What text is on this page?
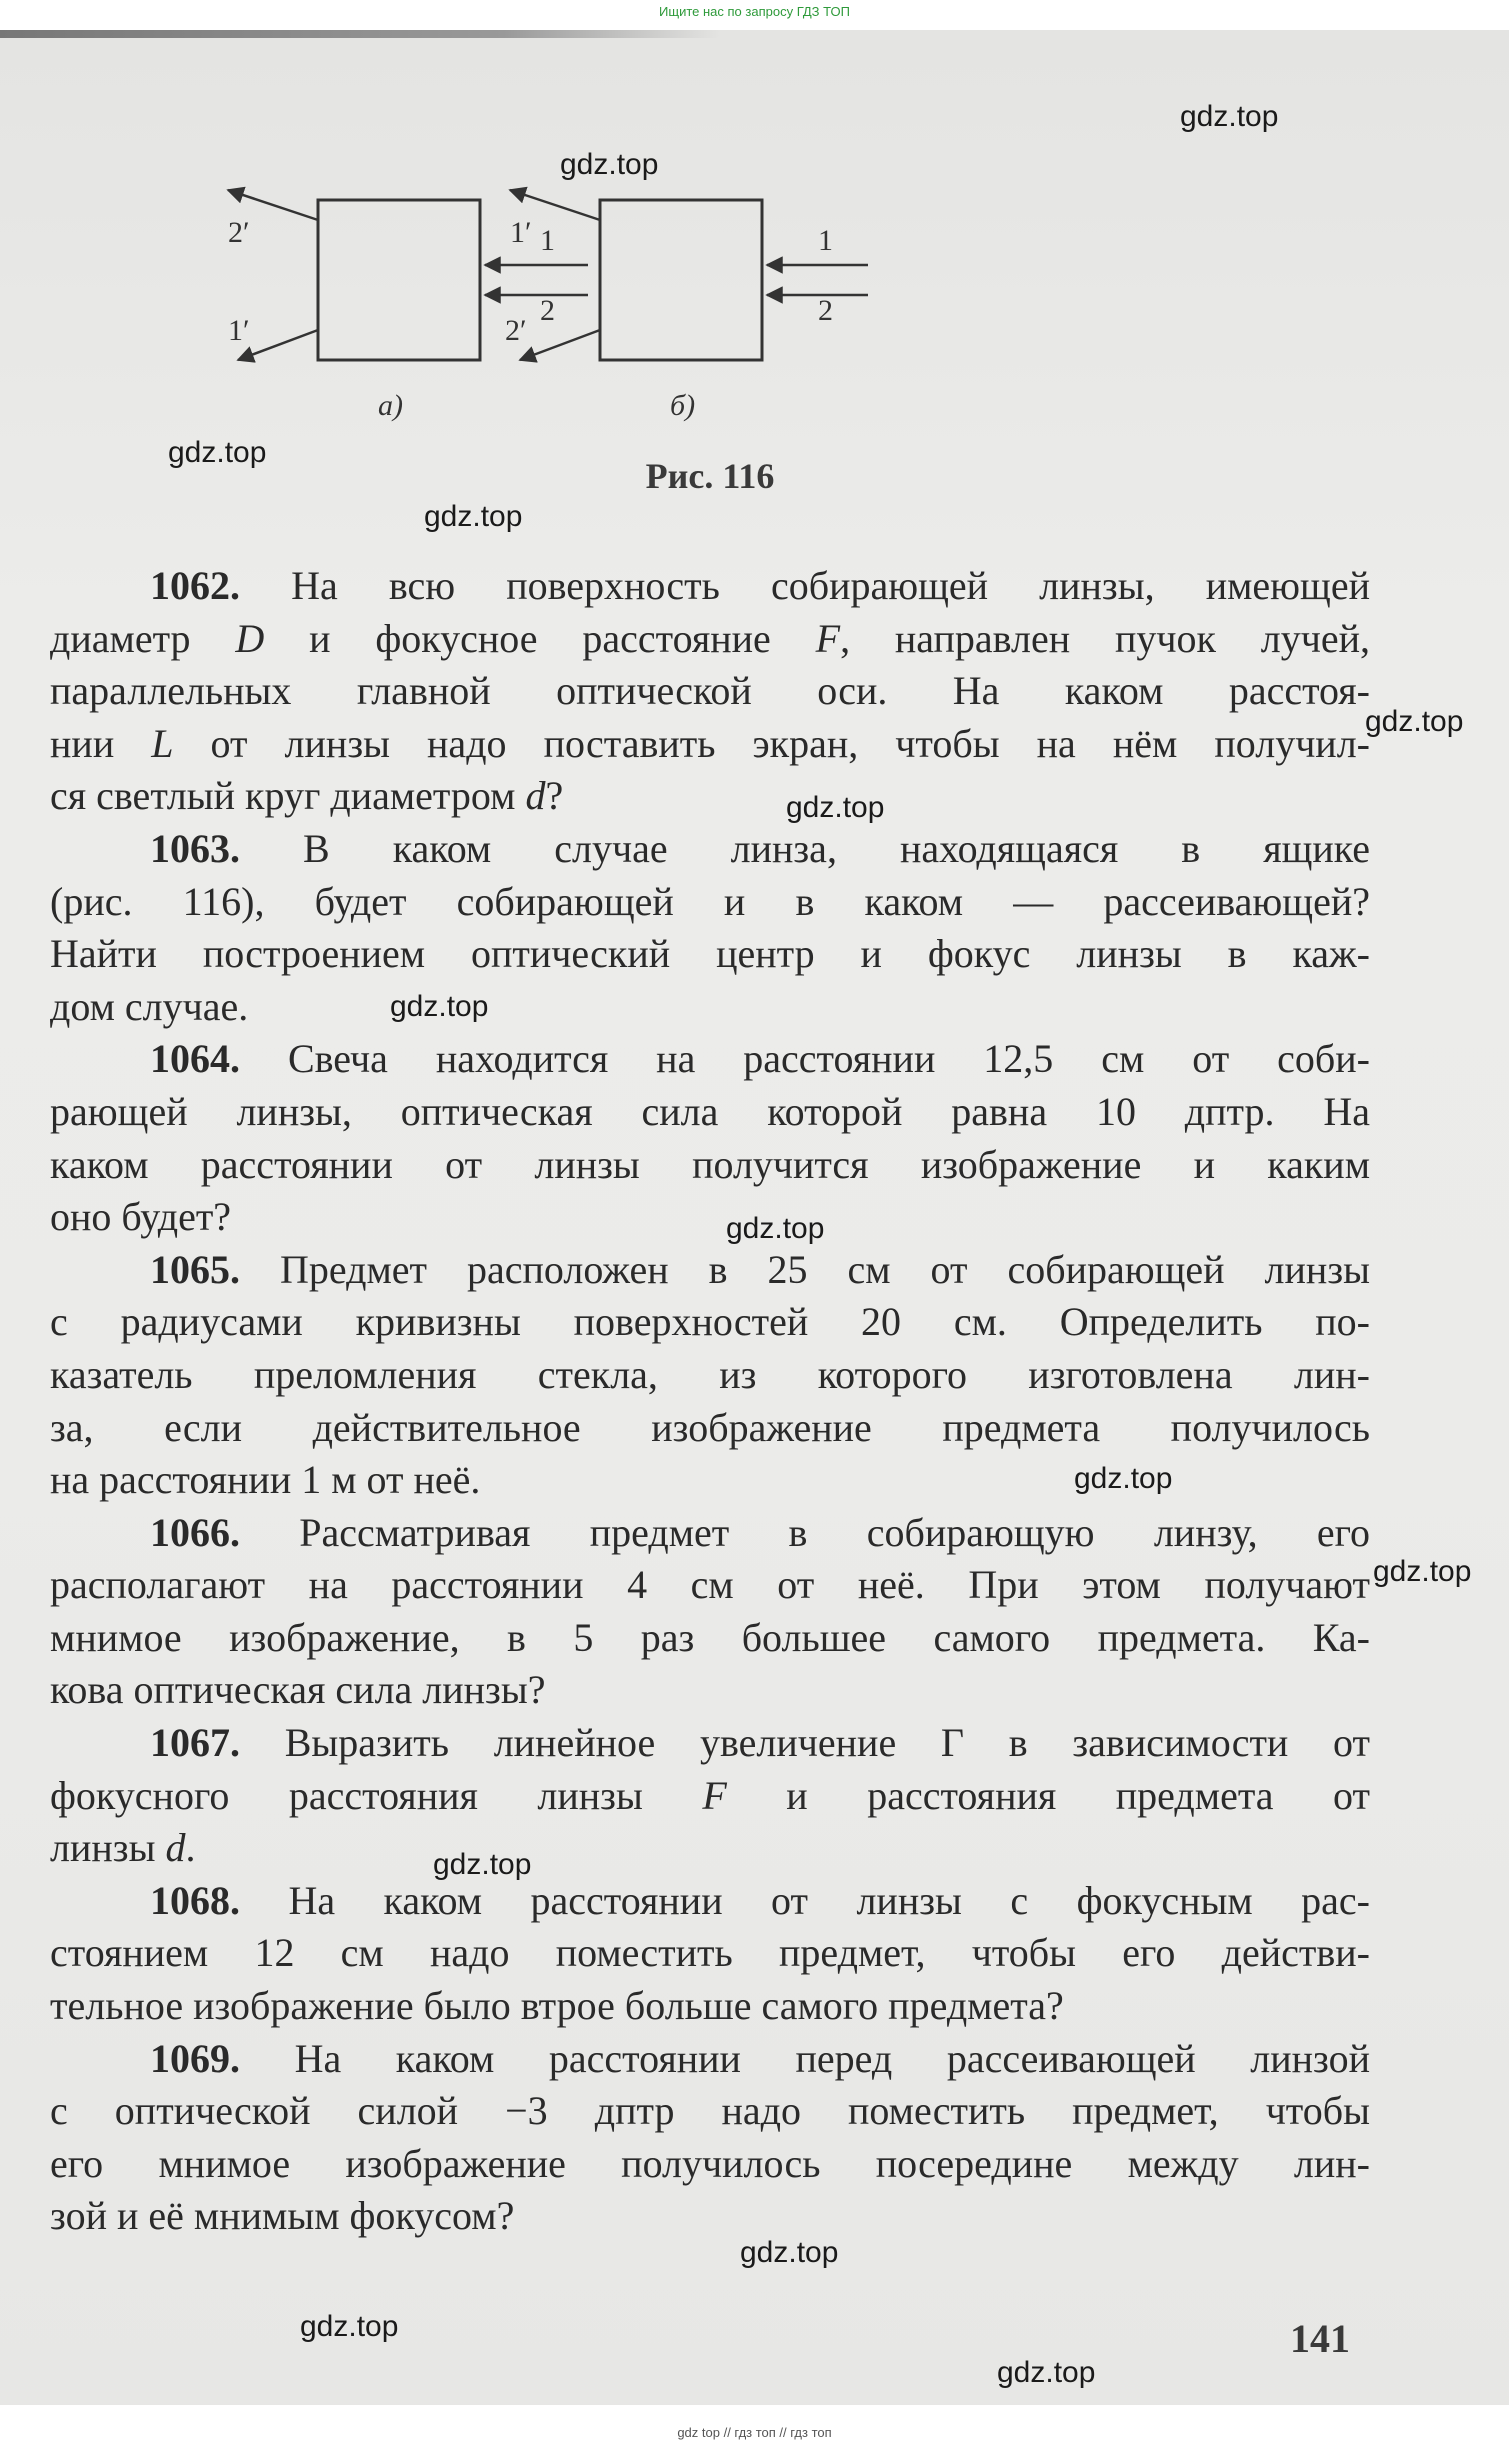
Ищите нас по запросу ГДЗ ТОП
2′
1′
1
2
а)
1′
2′
1
2
б)
Рис. 116
1062. На всю поверхность собирающей линзы, имеющей
диаметр D и фокусное расстояние F, направлен пучок лучей,
параллельных главной оптической оси. На каком расстоя-
нии L от линзы надо поставить экран, чтобы на нём получил-
ся светлый круг диаметром d?
1063. В каком случае линза, находящаяся в ящике
(рис. 116), будет собирающей и в каком — рассеивающей?
Найти построением оптический центр и фокус линзы в каж-
дом случае.
1064. Свеча находится на расстоянии 12,5 см от соби-
рающей линзы, оптическая сила которой равна 10 дптр. На
каком расстоянии от линзы получится изображение и каким
оно будет?
1065. Предмет расположен в 25 см от собирающей линзы
с радиусами кривизны поверхностей 20 см. Определить по-
казатель преломления стекла, из которого изготовлена лин-
за, если действительное изображение предмета получилось
на расстоянии 1 м от неё.
1066. Рассматривая предмет в собирающую линзу, его
располагают на расстоянии 4 см от неё. При этом получают
мнимое изображение, в 5 раз большее самого предмета. Ка-
кова оптическая сила линзы?
1067. Выразить линейное увеличение Г в зависимости от
фокусного расстояния линзы F и расстояния предмета от
линзы d.
1068. На каком расстоянии от линзы с фокусным рас-
стоянием 12 см надо поместить предмет, чтобы его действи-
тельное изображение было втрое больше самого предмета?
1069. На каком расстоянии перед рассеивающей линзой
с оптической силой −3 дптр надо поместить предмет, чтобы
его мнимое изображение получилось посередине между лин-
зой и её мнимым фокусом?
141
gdz.top
gdz.top
gdz.top
gdz.top
gdz.top
gdz.top
gdz.top
gdz.top
gdz.top
gdz.top
gdz.top
gdz.top
gdz.top
gdz.top
gdz top // гдз топ // гдз топ
